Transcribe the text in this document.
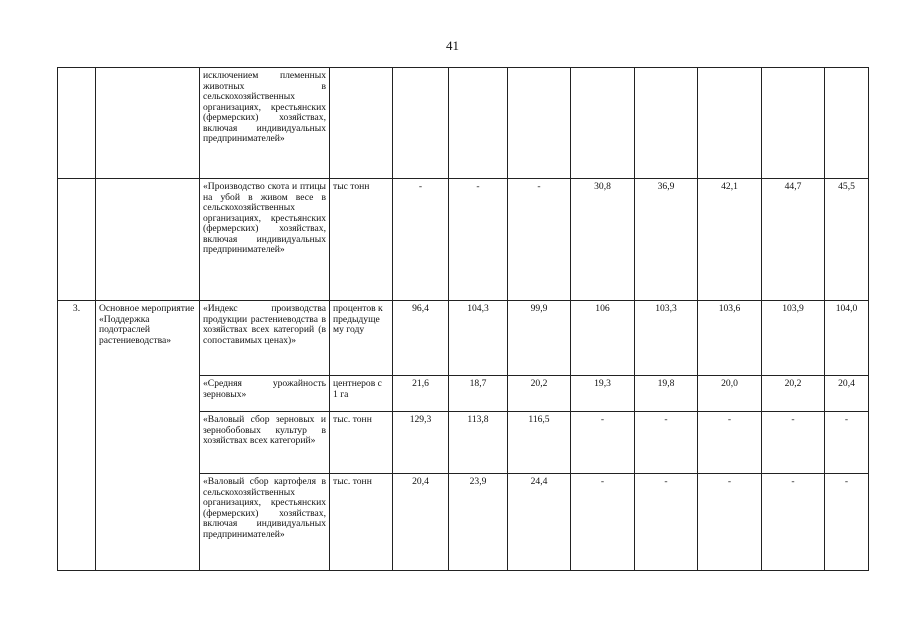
41
		исключением племенных животных в сельскохозяйственных организациях, крестьянских (фермерских) хозяйствах, включая индивидуальных предпринимателей»									
		«Производство скота и птицы на убой в живом весе в сельскохозяйственных организациях, крестьянских (фермерских) хозяйствах, включая индивидуальных предпринимателей»	тыс тонн	-	-	-	30,8	36,9	42,1	44,7	45,5
3.	Основное мероприятие «Поддержка подотраслей растениеводства»	«Индекс производства продукции растениеводства в хозяйствах всех категорий (в сопоставимых ценах)»	процентов к предыдуще му году	96,4	104,3	99,9	106	103,3	103,6	103,9	104,0
		«Средняя урожайность зерновых»	центнеров с 1 га	21,6	18,7	20,2	19,3	19,8	20,0	20,2	20,4
		«Валовый сбор зерновых и зернобобовых культур в хозяйствах всех категорий»	тыс. тонн	129,3	113,8	116,5	-	-	-	-	-
		«Валовый сбор картофеля в сельскохозяйственных организациях, крестьянских (фермерских) хозяйствах, включая индивидуальных предпринимателей»	тыс. тонн	20,4	23,9	24,4	-	-	-	-	-
